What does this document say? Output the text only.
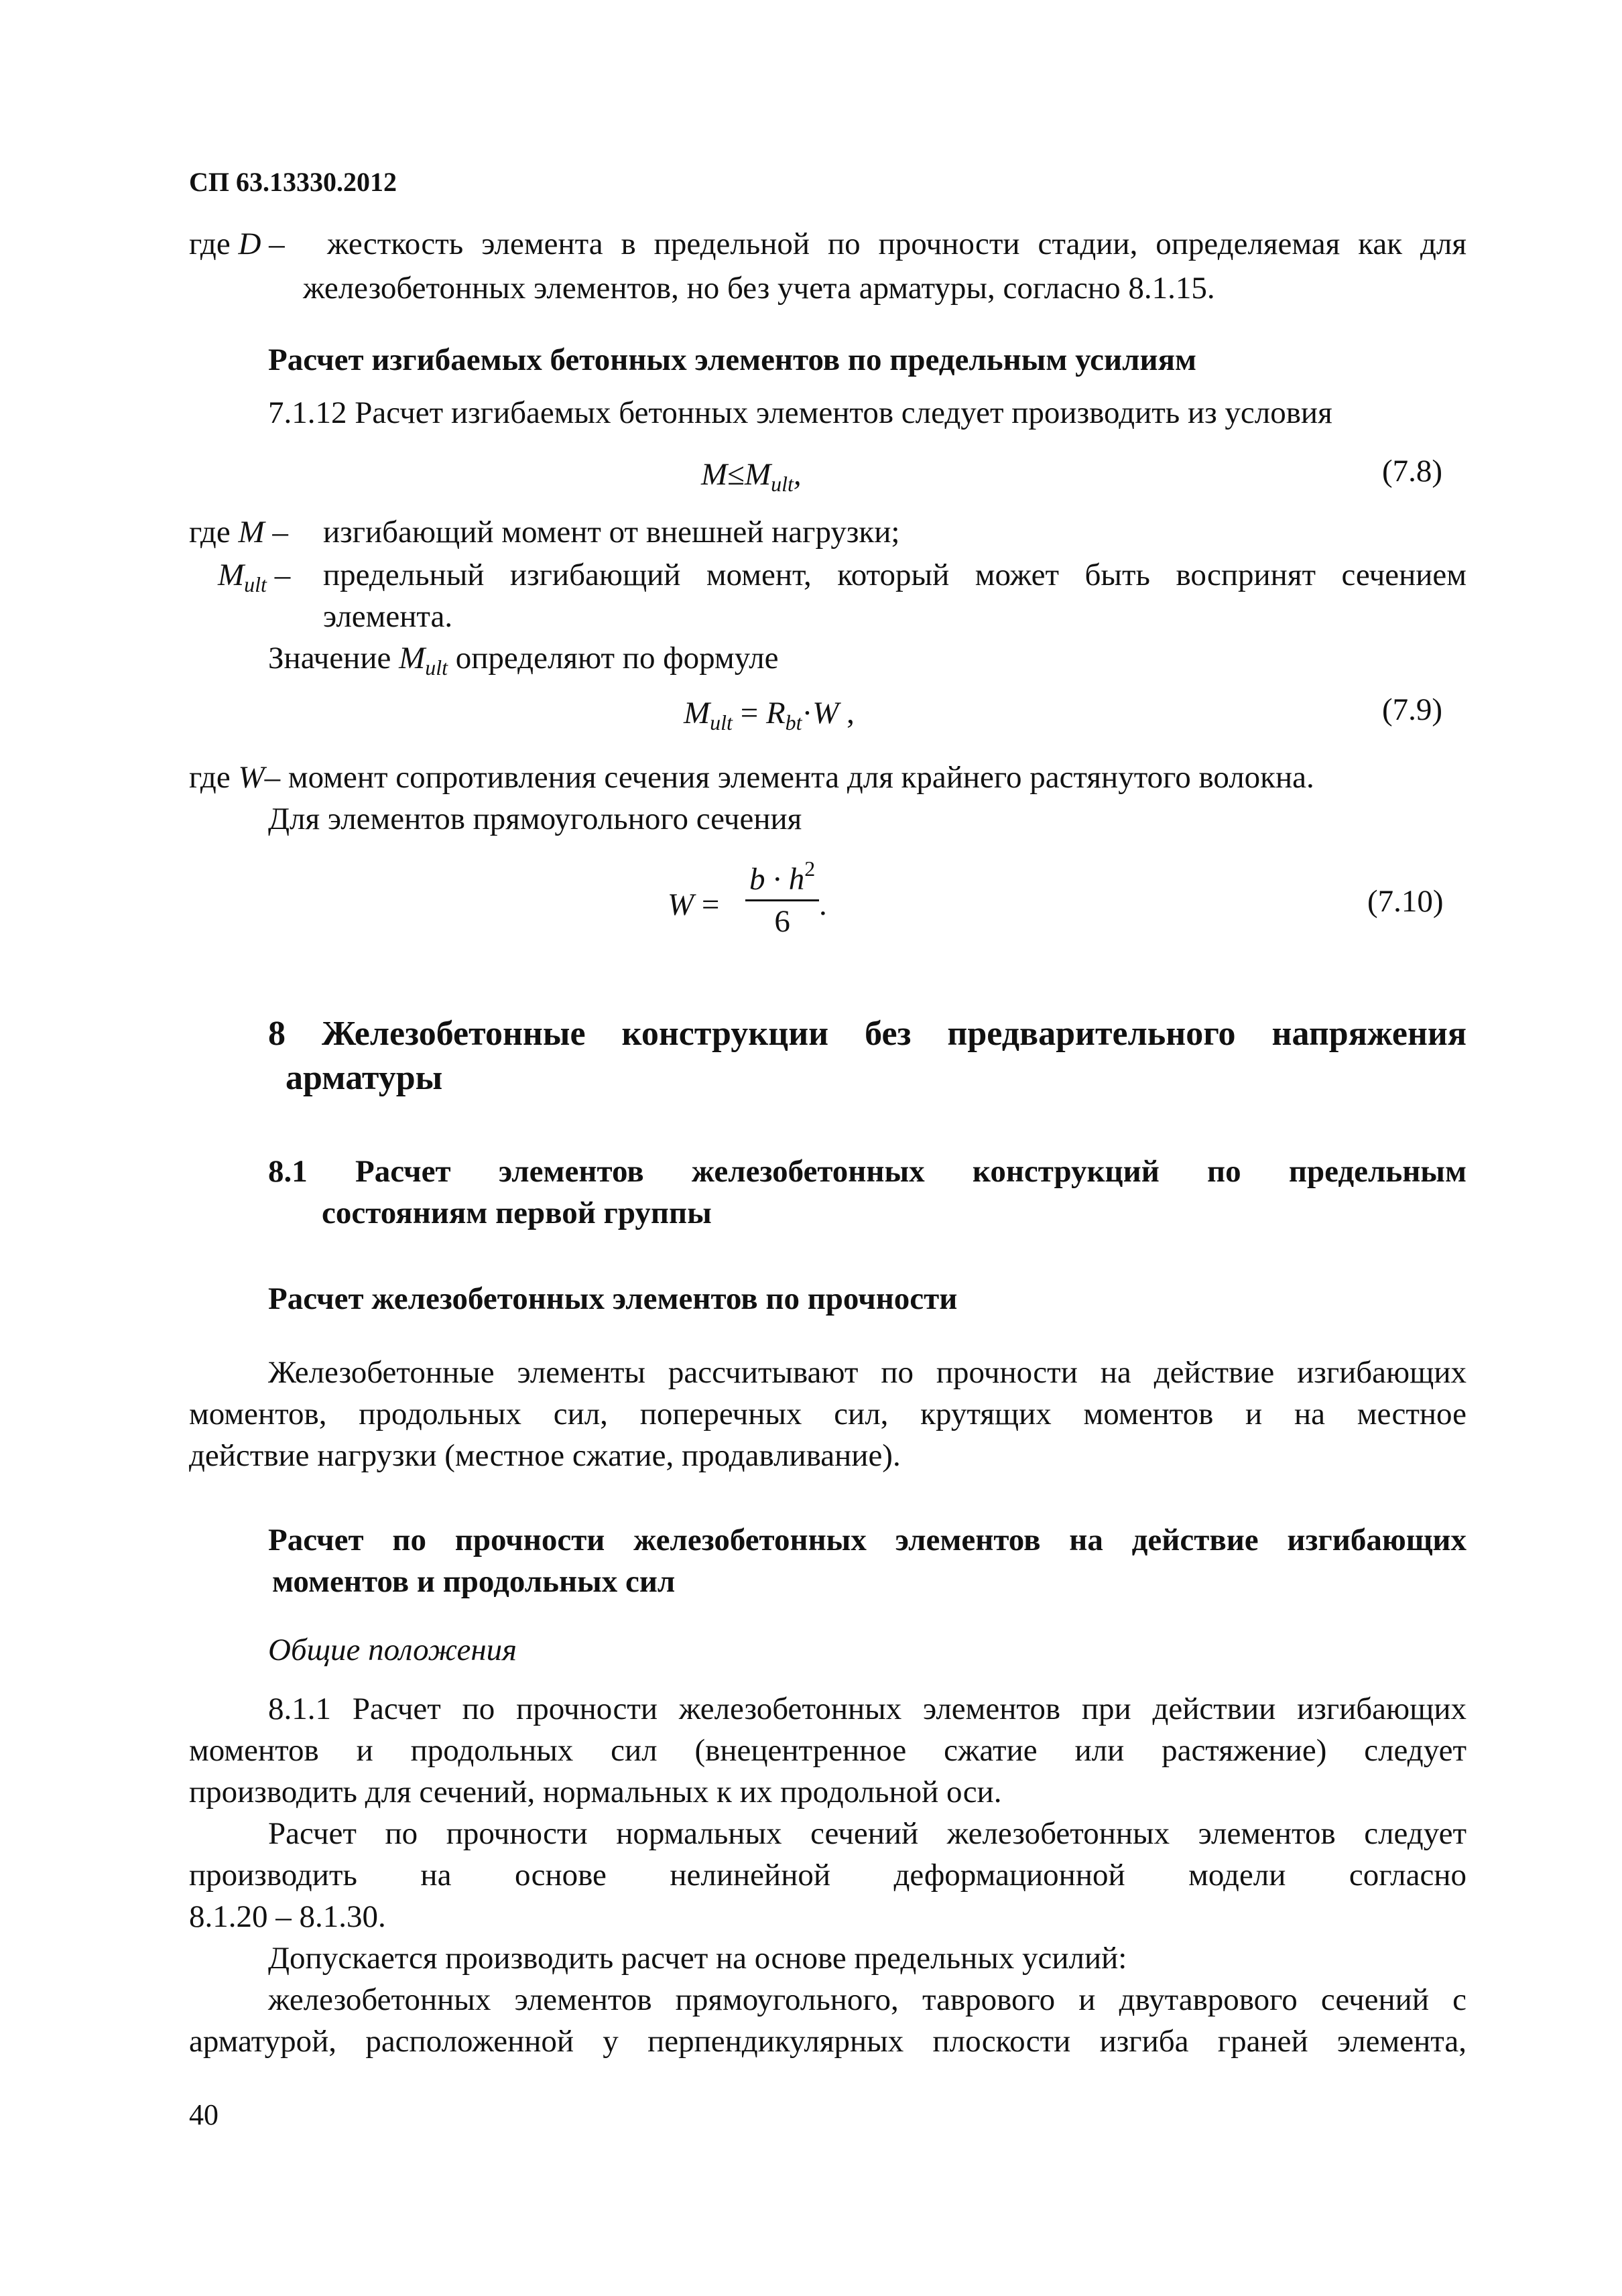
СП 63.13330.2012
где D – жесткость элемента в предельной по прочности стадии, определяемая как для
железобетонных элементов, но без учета арматуры, согласно 8.1.15.
Расчет изгибаемых бетонных элементов по предельным усилиям
7.1.12 Расчет изгибаемых бетонных элементов следует производить из условия
$M\le M_{ult}$,	(7.8)
где M – изгибающий момент от внешней нагрузки;
$M_{ult}$ – предельный изгибающий момент, который может быть воспринят сечением
элемента.
Значение $M_{ult}$ определяют по формуле
$M_{ult} = R_{bt}\cdot W$ ,	(7.9)
где W– момент сопротивления сечения элемента для крайнего растянутого волокна.
Для элементов прямоугольного сечения
$W = \frac{b \cdot h^2}{6}$ .	(7.10)
8 Железобетонные конструкции без предварительного напряжения
арматуры
8.1 Расчет элементов железобетонных конструкций по предельным
состояниям первой группы
Расчет железобетонных элементов по прочности
Железобетонные элементы рассчитывают по прочности на действие изгибающих
моментов, продольных сил, поперечных сил, крутящих моментов и на местное
действие нагрузки (местное сжатие, продавливание).
Расчет по прочности железобетонных элементов на действие изгибающих
моментов и продольных сил
Общие положения
8.1.1 Расчет по прочности железобетонных элементов при действии изгибающих
моментов и продольных сил (внецентренное сжатие или растяжение) следует
производить для сечений, нормальных к их продольной оси.
Расчет по прочности нормальных сечений железобетонных элементов следует
производить на основе нелинейной деформационной модели согласно
8.1.20 – 8.1.30.
Допускается производить расчет на основе предельных усилий:
железобетонных элементов прямоугольного, таврового и двутаврового сечений с
арматурой, расположенной у перпендикулярных плоскости изгиба граней элемента,
40
